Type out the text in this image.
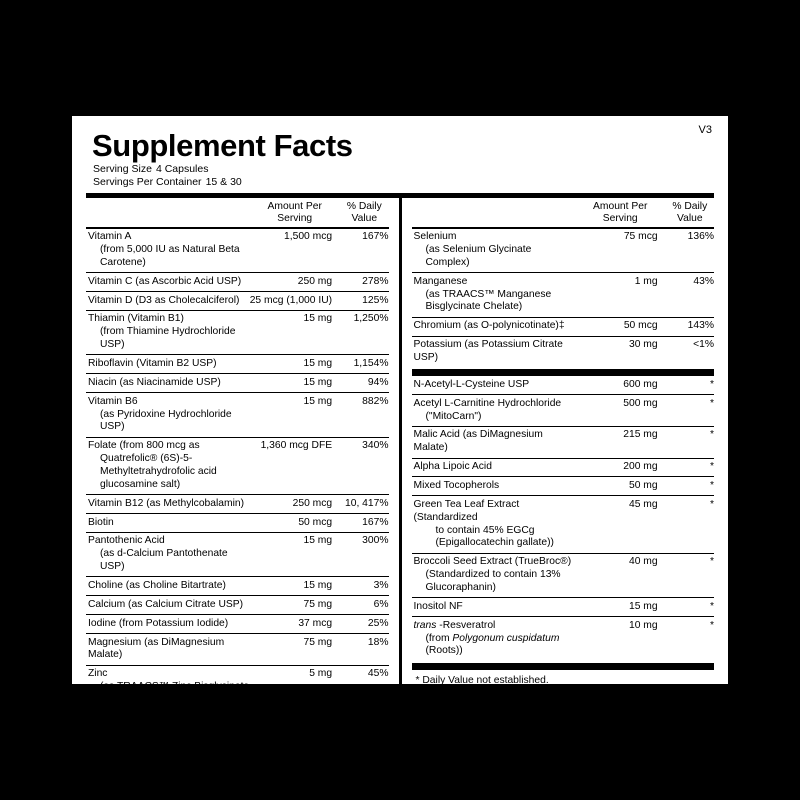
V3
Supplement Facts
Serving Size 4 Capsules
Servings Per Container 15 & 30
	Amount Per
Serving	% Daily
Value
Vitamin A
(from 5,000 IU as Natural Beta Carotene)	1,500 mcg	167%
Vitamin C (as Ascorbic Acid USP)	250 mg	278%
Vitamin D (D3 as Cholecalciferol)	25 mcg (1,000 IU)	125%
Thiamin (Vitamin B1)
(from Thiamine Hydrochloride USP)	15 mg	1,250%
Riboflavin (Vitamin B2 USP)	15 mg	1,154%
Niacin (as Niacinamide USP)	15 mg	94%
Vitamin B6
(as Pyridoxine Hydrochloride USP)	15 mg	882%
Folate (from 800 mcg as
Quatrefolic® (6S)-5-Methyltetrahydrofolic acid glucosamine salt)	1,360 mcg DFE	340%
Vitamin B12 (as Methylcobalamin)	250 mcg	10, 417%
Biotin	50 mcg	167%
Pantothenic Acid
(as d-Calcium Pantothenate USP)	15 mg	300%
Choline (as Choline Bitartrate)	15 mg	3%
Calcium (as Calcium Citrate USP)	75 mg	6%
Iodine (from Potassium Iodide)	37 mcg	25%
Magnesium (as DiMagnesium Malate)	75 mg	18%
Zinc
(as TRAACS™ Zinc Bisglycinate Chelate)	5 mg	45%
	Amount Per
Serving	% Daily
Value
Selenium
(as Selenium Glycinate Complex)	75 mcg	136%
Manganese
(as TRAACS™ Manganese Bisglycinate Chelate)	1 mg	43%
Chromium (as O-polynicotinate)‡	50 mcg	143%
Potassium (as Potassium Citrate USP)	30 mg	<1%
N-Acetyl-L-Cysteine USP	600 mg	*
Acetyl L-Carnitine Hydrochloride
("MitoCarn")	500 mg	*
Malic Acid (as DiMagnesium Malate)	215 mg	*
Alpha Lipoic Acid	200 mg	*
Mixed Tocopherols	50 mg	*
Green Tea Leaf Extract (Standardized
to contain 45% EGCg (Epigallocatechin gallate))	45 mg	*
Broccoli Seed Extract (TrueBroc®)
(Standardized to contain 13% Glucoraphanin)	40 mg	*
Inositol NF	15 mg	*
trans -Resveratrol
(from Polygonum cuspidatum (Roots))	10 mg	*
* Daily Value not established.
